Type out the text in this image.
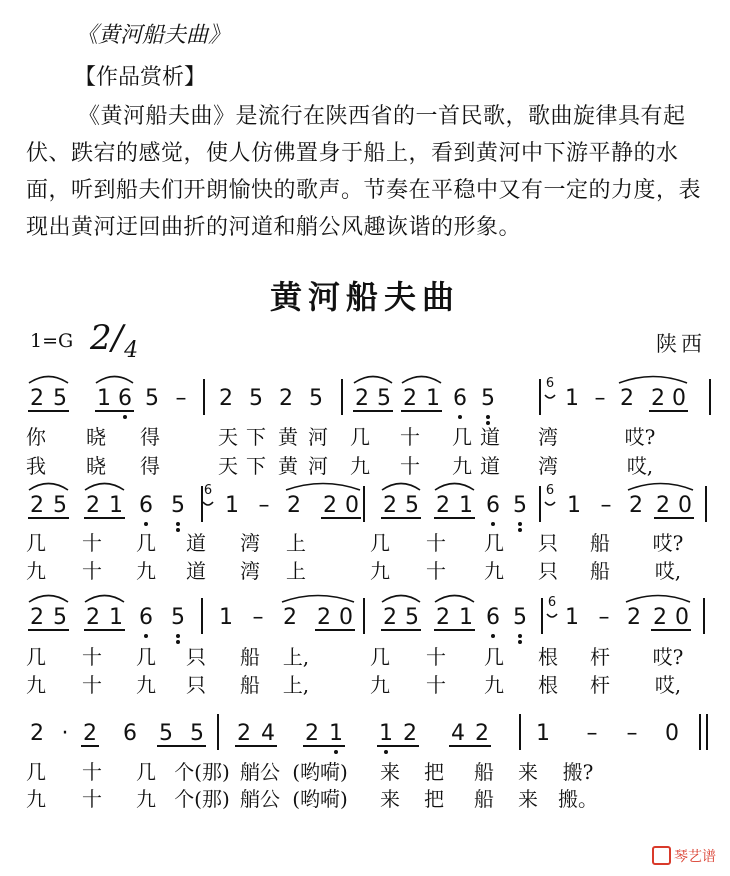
《黄河船夫曲》
【作品赏析】
《黄河船夫曲》是流行在陕西省的一首民歌，歌曲旋律具有起伏、跌宕的感觉，使人仿佛置身于船上，看到黄河中下游平静的水面，听到船夫们开朗愉快的歌声。节奏在平稳中又有一定的力度，表现出黄河迂回曲折的河道和艄公风趣诙谐的形象。
黄河船夫曲
1=G $2/_4$	陕西
2 5 1 6 5 – 2 5 2 5 2 5 2 1 6 5	1 – 2 2 0
6
你 晓 得	天 下 黄 河 几 十 几 道 湾	哎?
我 晓 得	天 下 黄 河 九 十 九 道 湾	哎,
2 5 2 1 6 5 1 – 2 2 0 2 5 2 1 6 5 1 – 2 2 0
6	6
几 十 几 道 湾 上	几 十 几 只 船 哎?
九 十 九 道 湾 上	九 十 九 只 船 哎,
2 5 2 1 6 5 1 – 2 2 0 2 5 2 1 6 5 1 – 2 2 0
6
几 十 几 只 船 上,	几 十 几 根 杆 哎?
九 十 九 只 船 上,	九 十 九 根 杆 哎,
2 · 2 6 5 5 2 4 2 1 1 2 4 2 1 – – 0
几 十 几 个(那) 艄公 (哟嗬) 来 把 船 来 搬?
九 十 九 个(那) 艄公 (哟嗬) 来 把 船 来 搬。
琴艺谱
